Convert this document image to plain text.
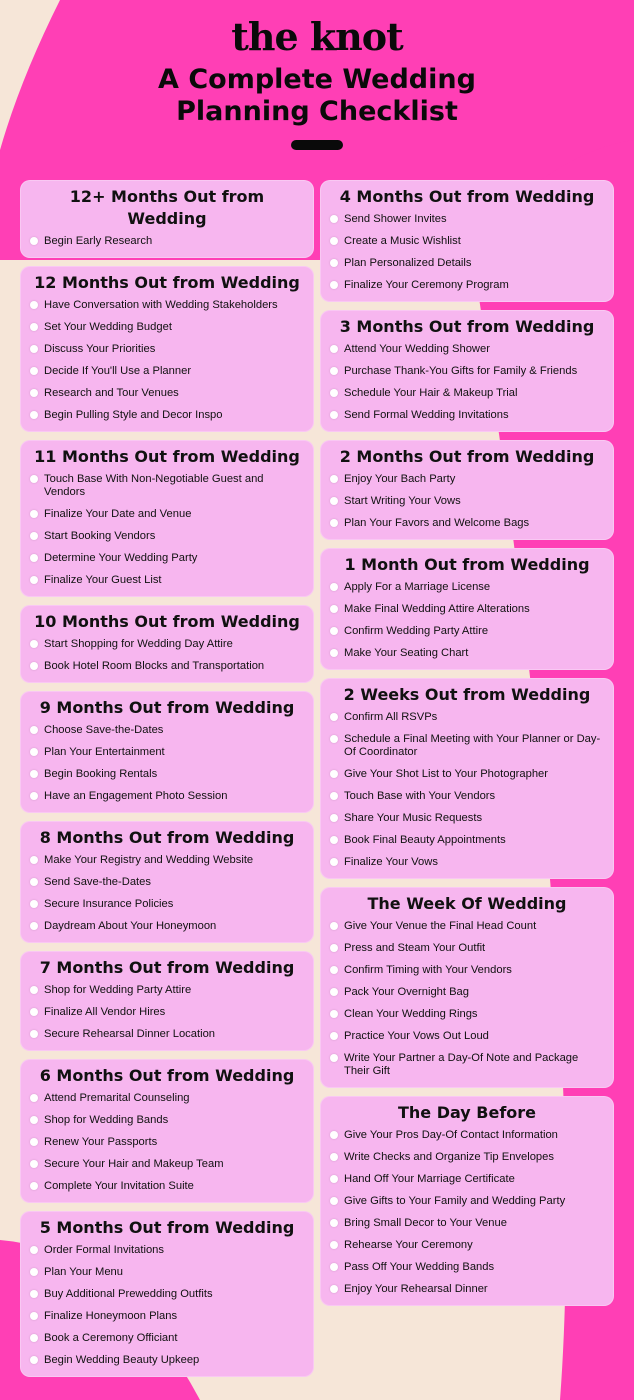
the knot
A Complete Wedding
Planning Checklist
12+ Months Out from Wedding
Begin Early Research
12 Months Out from Wedding
Have Conversation with Wedding Stakeholders
Set Your Wedding Budget
Discuss Your Priorities
Decide If You'll Use a Planner
Research and Tour Venues
Begin Pulling Style and Decor Inspo
11 Months Out from Wedding
Touch Base With Non-Negotiable Guest and Vendors
Finalize Your Date and Venue
Start Booking Vendors
Determine Your Wedding Party
Finalize Your Guest List
10 Months Out from Wedding
Start Shopping for Wedding Day Attire
Book Hotel Room Blocks and Transportation
9 Months Out from Wedding
Choose Save-the-Dates
Plan Your Entertainment
Begin Booking Rentals
Have an Engagement Photo Session
8 Months Out from Wedding
Make Your Registry and Wedding Website
Send Save-the-Dates
Secure Insurance Policies
Daydream About Your Honeymoon
7 Months Out from Wedding
Shop for Wedding Party Attire
Finalize All Vendor Hires
Secure Rehearsal Dinner Location
6 Months Out from Wedding
Attend Premarital Counseling
Shop for Wedding Bands
Renew Your Passports
Secure Your Hair and Makeup Team
Complete Your Invitation Suite
5 Months Out from Wedding
Order Formal Invitations
Plan Your Menu
Buy Additional Prewedding Outfits
Finalize Honeymoon Plans
Book a Ceremony Officiant
Begin Wedding Beauty Upkeep
4 Months Out from Wedding
Send Shower Invites
Create a Music Wishlist
Plan Personalized Details
Finalize Your Ceremony Program
3 Months Out from Wedding
Attend Your Wedding Shower
Purchase Thank-You Gifts for Family & Friends
Schedule Your Hair & Makeup Trial
Send Formal Wedding Invitations
2 Months Out from Wedding
Enjoy Your Bach Party
Start Writing Your Vows
Plan Your Favors and Welcome Bags
1 Month Out from Wedding
Apply For a Marriage License
Make Final Wedding Attire Alterations
Confirm Wedding Party Attire
Make Your Seating Chart
2 Weeks Out from Wedding
Confirm All RSVPs
Schedule a Final Meeting with Your Planner or Day-Of Coordinator
Give Your Shot List to Your Photographer
Touch Base with Your Vendors
Share Your Music Requests
Book Final Beauty Appointments
Finalize Your Vows
The Week Of Wedding
Give Your Venue the Final Head Count
Press and Steam Your Outfit
Confirm Timing with Your Vendors
Pack Your Overnight Bag
Clean Your Wedding Rings
Practice Your Vows Out Loud
Write Your Partner a Day-Of Note and Package Their Gift
The Day Before
Give Your Pros Day-Of Contact Information
Write Checks and Organize Tip Envelopes
Hand Off Your Marriage Certificate
Give Gifts to Your Family and Wedding Party
Bring Small Decor to Your Venue
Rehearse Your Ceremony
Pass Off Your Wedding Bands
Enjoy Your Rehearsal Dinner
